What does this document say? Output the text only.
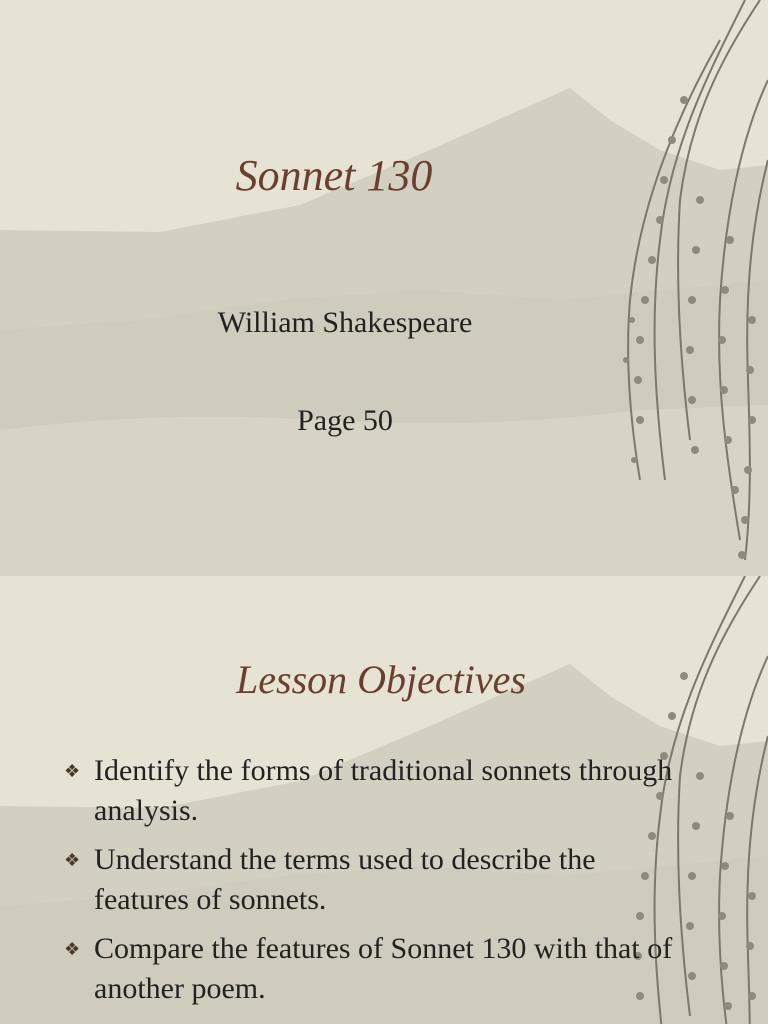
Sonnet 130

William Shakespeare

Page 50

Lesson Objectives
❖ Identify the forms of traditional sonnets through analysis.
❖ Understand the terms used to describe the features of sonnets.
❖ Compare the features of Sonnet 130 with that of another poem.
